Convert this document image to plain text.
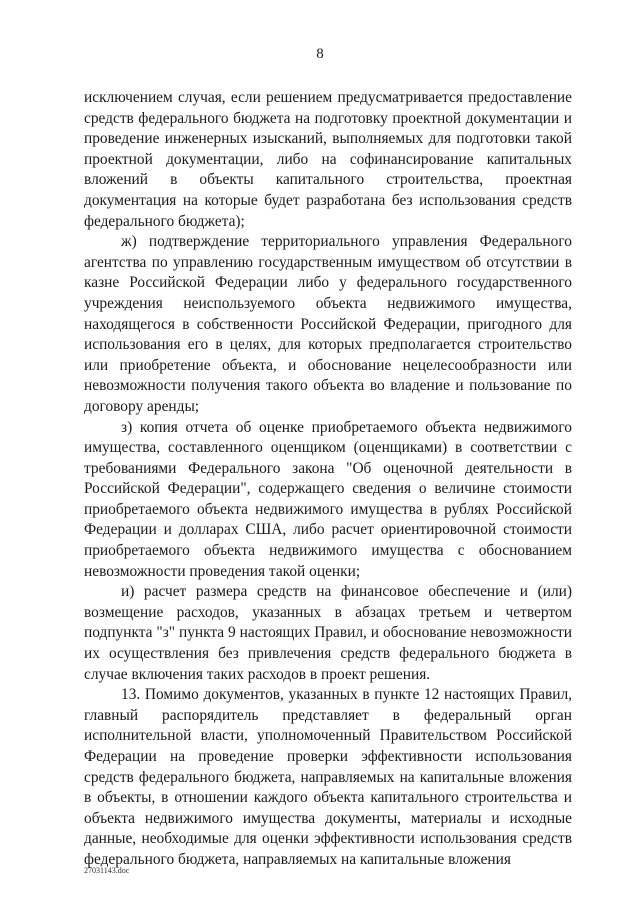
8

исключением случая, если решением предусматривается предоставление средств федерального бюджета на подготовку проектной документации и проведение инженерных изысканий, выполняемых для подготовки такой проектной документации, либо на софинансирование капитальных вложений в объекты капитального строительства, проектная документация на которые будет разработана без использования средств федерального бюджета);

ж) подтверждение территориального управления Федерального агентства по управлению государственным имуществом об отсутствии в казне Российской Федерации либо у федерального государственного учреждения неиспользуемого объекта недвижимого имущества, находящегося в собственности Российской Федерации, пригодного для использования его в целях, для которых предполагается строительство или приобретение объекта, и обоснование нецелесообразности или невозможности получения такого объекта во владение и пользование по договору аренды;

з) копия отчета об оценке приобретаемого объекта недвижимого имущества, составленного оценщиком (оценщиками) в соответствии с требованиями Федерального закона "Об оценочной деятельности в Российской Федерации", содержащего сведения о величине стоимости приобретаемого объекта недвижимого имущества в рублях Российской Федерации и долларах США, либо расчет ориентировочной стоимости приобретаемого объекта недвижимого имущества с обоснованием невозможности проведения такой оценки;

и) расчет размера средств на финансовое обеспечение и (или) возмещение расходов, указанных в абзацах третьем и четвертом подпункта "з" пункта 9 настоящих Правил, и обоснование невозможности их осуществления без привлечения средств федерального бюджета в случае включения таких расходов в проект решения.

13. Помимо документов, указанных в пункте 12 настоящих Правил, главный распорядитель представляет в федеральный орган исполнительной власти, уполномоченный Правительством Российской Федерации на проведение проверки эффективности использования средств федерального бюджета, направляемых на капитальные вложения в объекты, в отношении каждого объекта капитального строительства и объекта недвижимого имущества документы, материалы и исходные данные, необходимые для оценки эффективности использования средств федерального бюджета, направляемых на капитальные вложения

27031143.doc
